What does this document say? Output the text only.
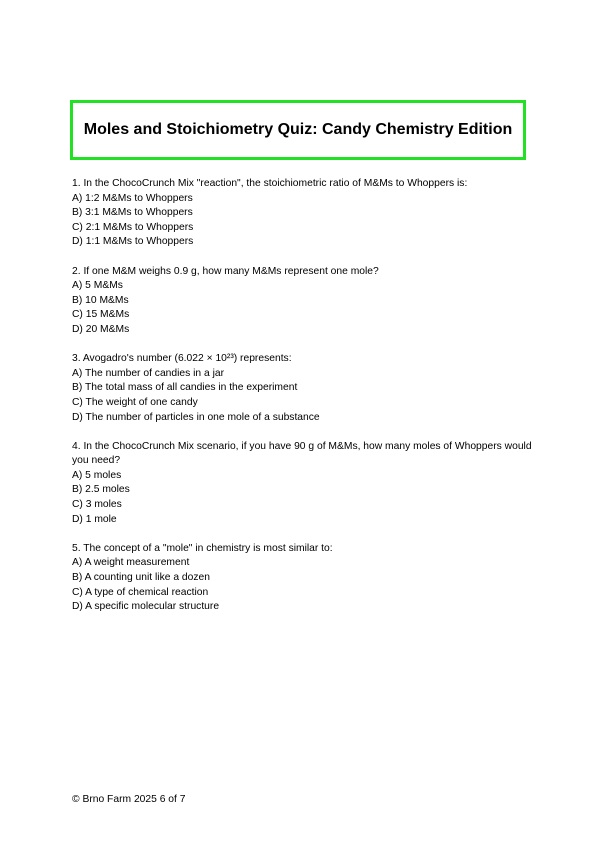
Moles and Stoichiometry Quiz: Candy Chemistry Edition
1. In the ChocoCrunch Mix "reaction", the stoichiometric ratio of M&Ms to Whoppers is:
A) 1:2 M&Ms to Whoppers
B) 3:1 M&Ms to Whoppers
C) 2:1 M&Ms to Whoppers
D) 1:1 M&Ms to Whoppers
2. If one M&M weighs 0.9 g, how many M&Ms represent one mole?
A) 5 M&Ms
B) 10 M&Ms
C) 15 M&Ms
D) 20 M&Ms
3. Avogadro's number (6.022 × 10²³) represents:
A) The number of candies in a jar
B) The total mass of all candies in the experiment
C) The weight of one candy
D) The number of particles in one mole of a substance
4. In the ChocoCrunch Mix scenario, if you have 90 g of M&Ms, how many moles of Whoppers would you need?
A) 5 moles
B) 2.5 moles
C) 3 moles
D) 1 mole
5. The concept of a "mole" in chemistry is most similar to:
A) A weight measurement
B) A counting unit like a dozen
C) A type of chemical reaction
D) A specific molecular structure
© Brno Farm 2025 6 of 7
